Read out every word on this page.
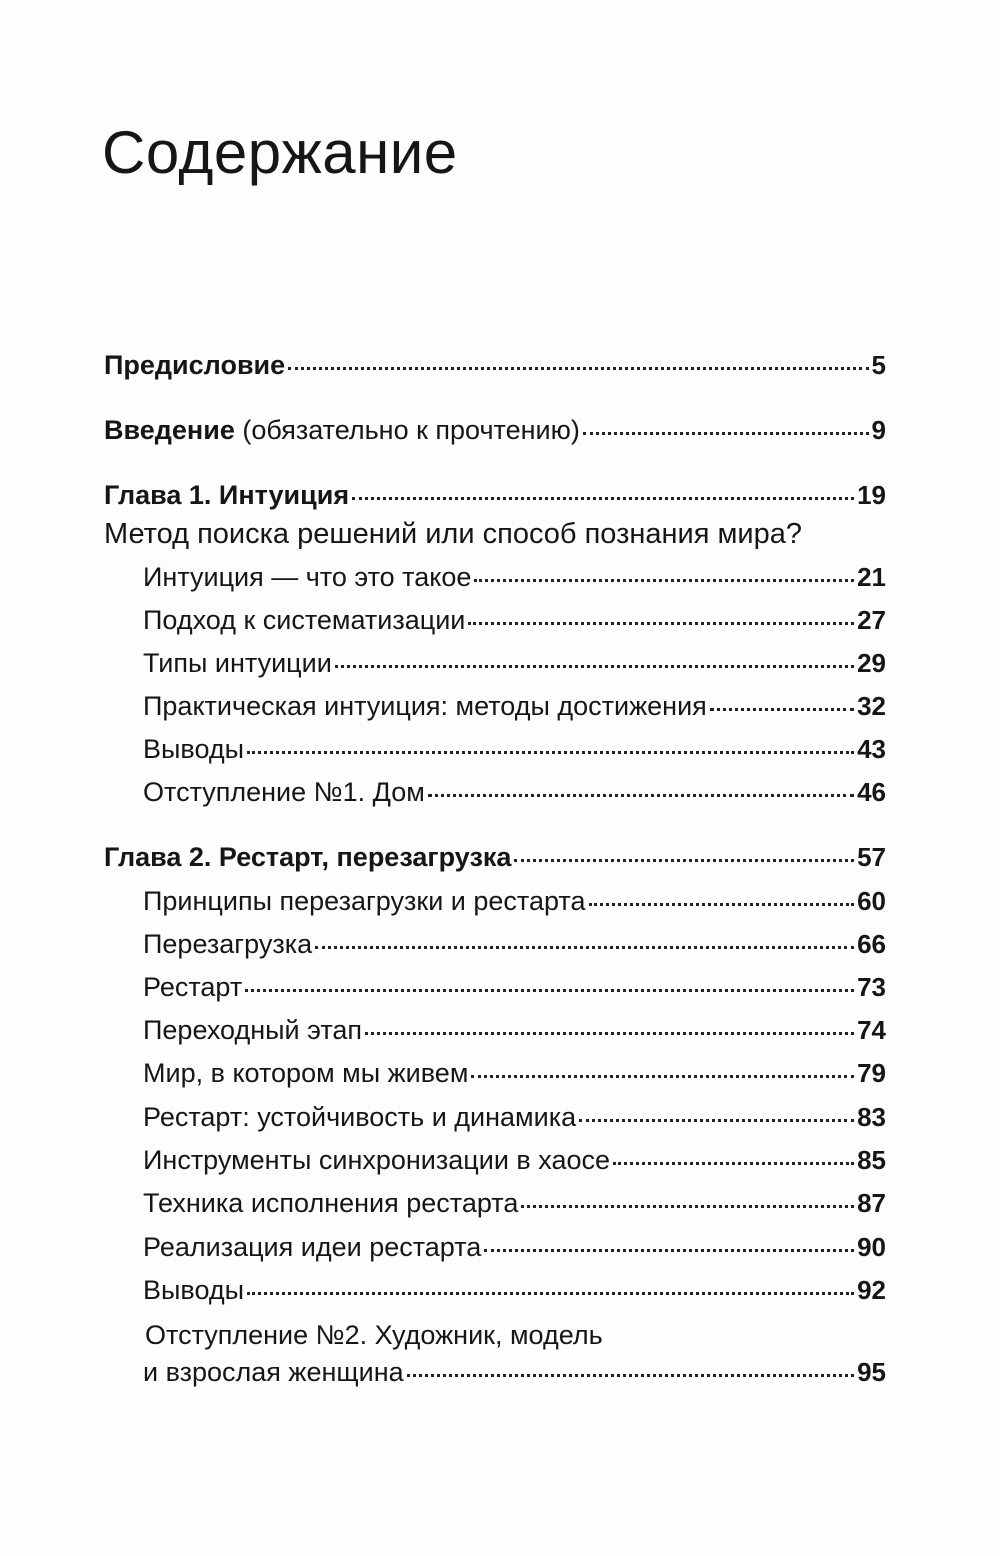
Содержание
Предисловие	5
Введение (обязательно к прочтению)	9
Глава 1. Интуиция	19
Метод поиска решений или способ познания мира?
Интуиция — что это такое	21
Подход к систематизации	27
Типы интуиции	29
Практическая интуиция: методы достижения	32
Выводы	43
Отступление №1. Дом	46
Глава 2. Рестарт, перезагрузка	57
Принципы перезагрузки и рестарта	60
Перезагрузка	66
Рестарт	73
Переходный этап	74
Мир, в котором мы живем	79
Рестарт: устойчивость и динамика	83
Инструменты синхронизации в хаосе	85
Техника исполнения рестарта	87
Реализация идеи рестарта	90
Выводы	92
Отступление №2. Художник, модель
и взрослая женщина	95
